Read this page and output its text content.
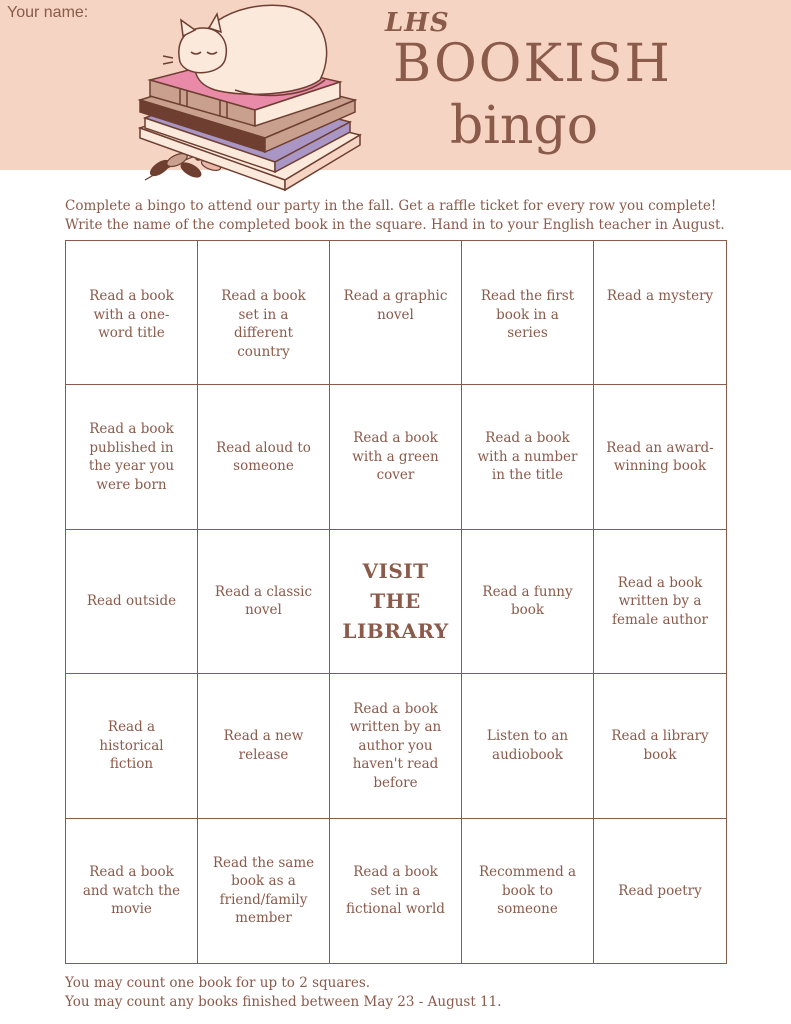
Your name:	LHS
BOOKISH
bingo
Complete a bingo to attend our party in the fall. Get a raffle ticket for every row you complete!
Write the name of the completed book in the square. Hand in to your English teacher in August.
Read a book with a one-word title
Read a book set in a different country
Read a graphic novel
Read the first book in a series
Read a mystery
Read a book published in the year you were born
Read aloud to someone
Read a book with a green cover
Read a book with a number in the title
Read an award-winning book
Read outside
Read a classic novel
VISIT THE LIBRARY
Read a funny book
Read a book written by a female author
Read a historical fiction
Read a new release
Read a book written by an author you haven't read before
Listen to an audiobook
Read a library book
Read a book and watch the movie
Read the same book as a friend/family member
Read a book set in a fictional world
Recommend a book to someone
Read poetry
You may count one book for up to 2 squares.
You may count any books finished between May 23 - August 11.
